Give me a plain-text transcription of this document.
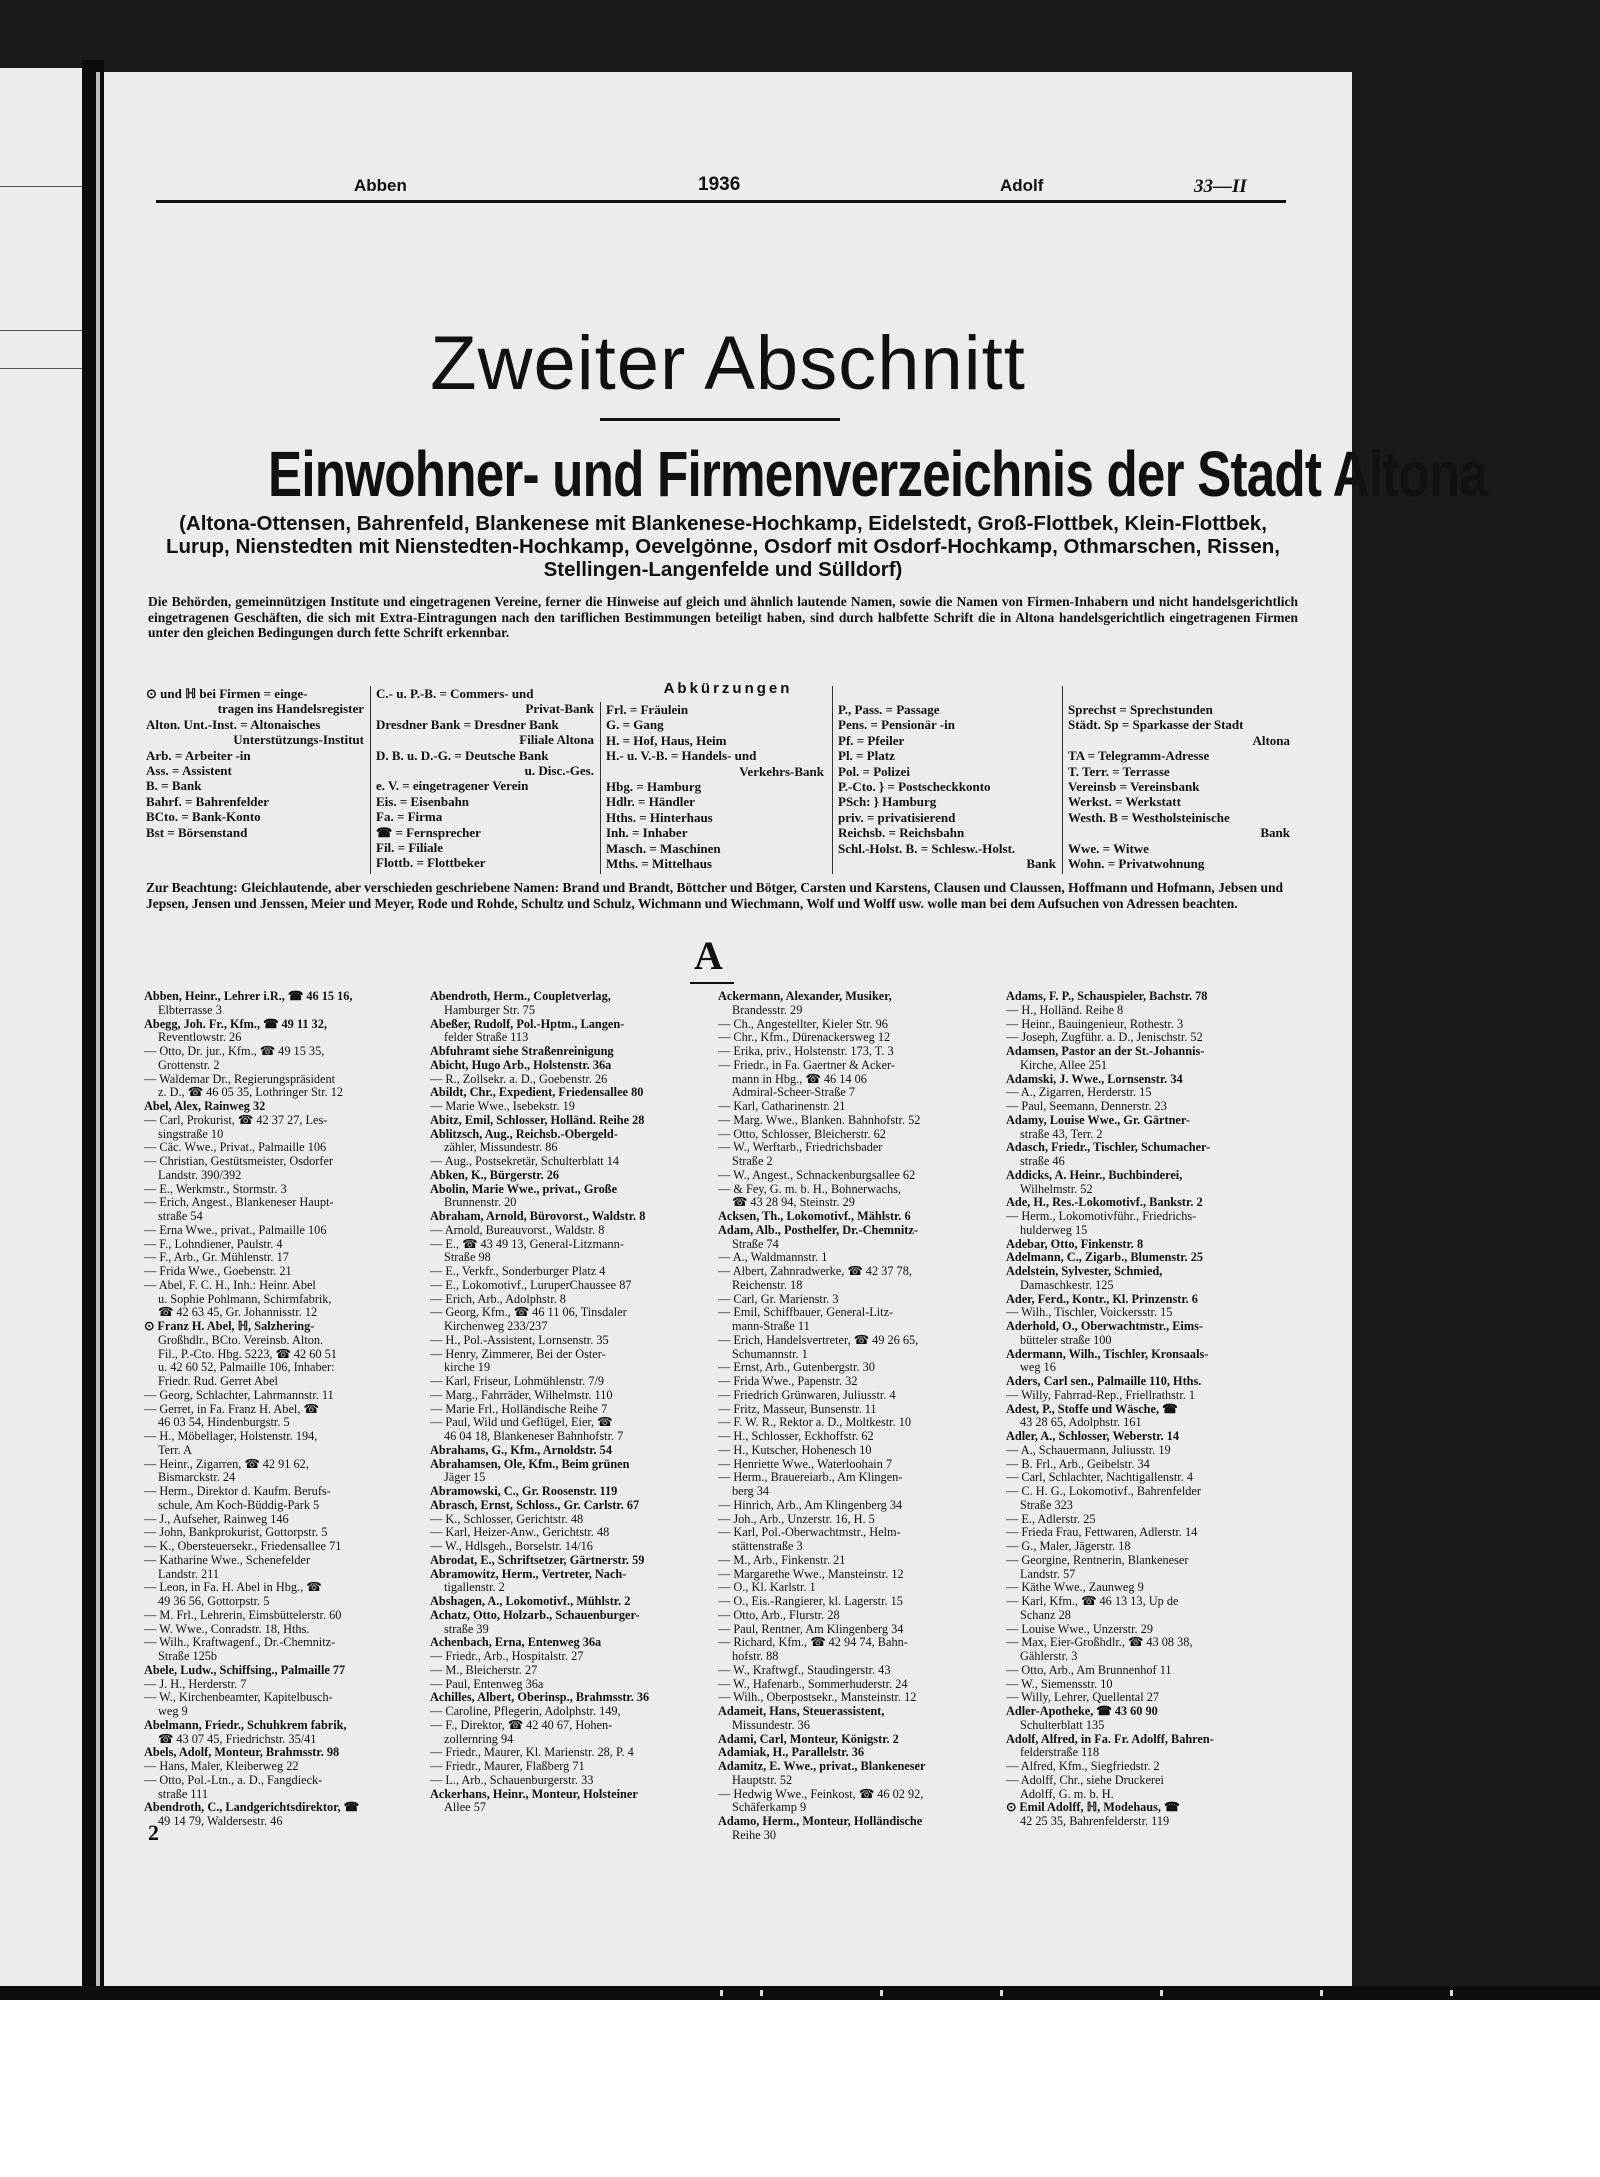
Abben	1936	Adolf	33—II
Zweiter Abschnitt
Einwohner- und Firmenverzeichnis der Stadt Altona
(Altona-Ottensen, Bahrenfeld, Blankenese mit Blankenese-Hochkamp, Eidelstedt, Groß-Flottbek, Klein-Flottbek,
Lurup, Nienstedten mit Nienstedten-Hochkamp, Oevelgönne, Osdorf mit Osdorf-Hochkamp, Othmarschen, Rissen,
Stellingen-Langenfelde und Sülldorf)
Die Behörden, gemeinnützigen Institute und eingetragenen Vereine, ferner die Hinweise auf gleich und ähnlich lautende Namen, sowie die Namen von Firmen-Inhabern und nicht handelsgerichtlich eingetragenen Geschäften, die sich mit Extra-Eintragungen nach den tariflichen Bestimmungen beteiligt haben, sind durch halbfette Schrift die in Altona handelsgerichtlich eingetragenen Firmen unter den gleichen Bedingungen durch fette Schrift erkennbar.
Abkürzungen
⊙ und ℍ bei Firmen = einge-
tragen ins Handelsregister
Alton. Unt.-Inst. = Altonaisches
Unterstützungs-Institut
Arb. = Arbeiter -in
Ass. = Assistent
B. = Bank
Bahrf. = Bahrenfelder
BCto. = Bank-Konto
Bst = Börsenstand
C.- u. P.-B. = Commers- und
Privat-Bank
Dresdner Bank = Dresdner Bank
Filiale Altona
D. B. u. D.-G. = Deutsche Bank
u. Disc.-Ges.
e. V. = eingetragener Verein
Eis. = Eisenbahn
Fa. = Firma
☎ = Fernsprecher
Fil. = Filiale
Flottb. = Flottbeker
Frl. = Fräulein
G. = Gang
H. = Hof, Haus, Heim
H.- u. V.-B. = Handels- und
Verkehrs-Bank
Hbg. = Hamburg
Hdlr. = Händler
Hths. = Hinterhaus
Inh. = Inhaber
Masch. = Maschinen
Mths. = Mittelhaus
P., Pass. = Passage
Pens. = Pensionär -in
Pf. = Pfeiler
Pl. = Platz
Pol. = Polizei
P.-Cto. } = Postscheckkonto
PSch: } Hamburg
priv. = privatisierend
Reichsb. = Reichsbahn
Schl.-Holst. B. = Schlesw.-Holst.
Bank
Sprechst = Sprechstunden
Städt. Sp = Sparkasse der Stadt
Altona
TA = Telegramm-Adresse
T. Terr. = Terrasse
Vereinsb = Vereinsbank
Werkst. = Werkstatt
Westh. B = Westholsteinische
Bank
Wwe. = Witwe
Wohn. = Privatwohnung
Zur Beachtung: Gleichlautende, aber verschieden geschriebene Namen: Brand und Brandt, Böttcher und Bötger, Carsten und Karstens, Clausen und Claussen, Hoffmann und Hofmann, Jebsen und Jepsen, Jensen und Jenssen, Meier und Meyer, Rode und Rohde, Schultz und Schulz, Wichmann und Wiechmann, Wolf und Wolff usw. wolle man bei dem Aufsuchen von Adressen beachten.
A
Abben, Heinr., Lehrer i.R., ☎ 46 15 16,
Elbterrasse 3
Abegg, Joh. Fr., Kfm., ☎ 49 11 32,
Reventlowstr. 26
— Otto, Dr. jur., Kfm., ☎ 49 15 35,
Grottenstr. 2
— Waldemar Dr., Regierungspräsident
z. D., ☎ 46 05 35, Lothringer Str. 12
Abel, Alex, Rainweg 32
— Carl, Prokurist, ☎ 42 37 27, Les-
singstraße 10
— Cäc. Wwe., Privat., Palmaille 106
— Christian, Gestütsmeister, Osdorfer
Landstr. 390/392
— E., Werkmstr., Stormstr. 3
— Erich, Angest., Blankeneser Haupt-
straße 54
— Erna Wwe., privat., Palmaille 106
— F., Lohndiener, Paulstr. 4
— F., Arb., Gr. Mühlenstr. 17
— Frida Wwe., Goebenstr. 21
— Abel, F. C. H., Inh.: Heinr. Abel
u. Sophie Pohlmann, Schirmfabrik,
☎ 42 63 45, Gr. Johannisstr. 12
⊙ Franz H. Abel, ℍ, Salzhering-
Großhdlr., BCto. Vereinsb. Alton.
Fil., P.-Cto. Hbg. 5223, ☎ 42 60 51
u. 42 60 52, Palmaille 106, Inhaber:
Friedr. Rud. Gerret Abel
— Georg, Schlachter, Lahrmannstr. 11
— Gerret, in Fa. Franz H. Abel, ☎
46 03 54, Hindenburgstr. 5
— H., Möbellager, Holstenstr. 194,
Terr. A
— Heinr., Zigarren, ☎ 42 91 62,
Bismarckstr. 24
— Herm., Direktor d. Kaufm. Berufs-
schule, Am Koch-Büddig-Park 5
— J., Aufseher, Rainweg 146
— John, Bankprokurist, Gottorpstr. 5
— K., Obersteuersekr., Friedensallee 71
— Katharine Wwe., Schenefelder
Landstr. 211
— Leon, in Fa. H. Abel in Hbg., ☎
49 36 56, Gottorpstr. 5
— M. Frl., Lehrerin, Eimsbüttelerstr. 60
— W. Wwe., Conradstr. 18, Hths.
— Wilh., Kraftwagenf., Dr.-Chemnitz-
Straße 125b
Abele, Ludw., Schiffsing., Palmaille 77
— J. H., Herderstr. 7
— W., Kirchenbeamter, Kapitelbusch-
weg 9
Abelmann, Friedr., Schuhkrem fabrik,
☎ 43 07 45, Friedrichstr. 35/41
Abels, Adolf, Monteur, Brahmsstr. 98
— Hans, Maler, Kleiberweg 22
— Otto, Pol.-Ltn., a. D., Fangdieck-
straße 111
Abendroth, C., Landgerichtsdirektor, ☎
49 14 79, Waldersestr. 46
Abendroth, Herm., Coupletverlag,
Hamburger Str. 75
Abeßer, Rudolf, Pol.-Hptm., Langen-
felder Straße 113
Abfuhramt siehe Straßenreinigung
Abicht, Hugo Arb., Holstenstr. 36a
— R., Zollsekr. a. D., Goebenstr. 26
Abildt, Chr., Expedient, Friedensallee 80
— Marie Wwe., Isebekstr. 19
Abitz, Emil, Schlosser, Holländ. Reihe 28
Ablitzsch, Aug., Reichsb.-Obergeld-
zähler, Missundestr. 86
— Aug., Postsekretär, Schulterblatt 14
Abken, K., Bürgerstr. 26
Abolin, Marie Wwe., privat., Große
Brunnenstr. 20
Abraham, Arnold, Bürovorst., Waldstr. 8
— Arnold, Bureauvorst., Waldstr. 8
— E., ☎ 43 49 13, General-Litzmann-
Straße 98
— E., Verkfr., Sonderburger Platz 4
— E., Lokomotivf., LuruperChaussee 87
— Erich, Arb., Adolphstr. 8
— Georg, Kfm., ☎ 46 11 06, Tinsdaler
Kirchenweg 233/237
— H., Pol.-Assistent, Lornsenstr. 35
— Henry, Zimmerer, Bei der Oster-
kirche 19
— Karl, Friseur, Lohmühlenstr. 7/9
— Marg., Fahrräder, Wilhelmstr. 110
— Marie Frl., Holländische Reihe 7
— Paul, Wild und Geflügel, Eier, ☎
46 04 18, Blankeneser Bahnhofstr. 7
Abrahams, G., Kfm., Arnoldstr. 54
Abrahamsen, Ole, Kfm., Beim grünen
Jäger 15
Abramowski, C., Gr. Roosenstr. 119
Abrasch, Ernst, Schloss., Gr. Carlstr. 67
— K., Schlosser, Gerichtstr. 48
— Karl, Heizer-Anw., Gerichtstr. 48
— W., Hdlsgeh., Borselstr. 14/16
Abrodat, E., Schriftsetzer, Gärtnerstr. 59
Abramowitz, Herm., Vertreter, Nach-
tigallenstr. 2
Abshagen, A., Lokomotivf., Mühlstr. 2
Achatz, Otto, Holzarb., Schauenburger-
straße 39
Achenbach, Erna, Entenweg 36a
— Friedr., Arb., Hospitalstr. 27
— M., Bleicherstr. 27
— Paul, Entenweg 36a
Achilles, Albert, Oberinsp., Brahmsstr. 36
— Caroline, Pflegerin, Adolphstr. 149,
— F., Direktor, ☎ 42 40 67, Hohen-
zollernring 94
— Friedr., Maurer, Kl. Marienstr. 28, P. 4
— Friedr., Maurer, Flaßberg 71
— L., Arb., Schauenburgerstr. 33
Ackerhans, Heinr., Monteur, Holsteiner
Allee 57
Ackermann, Alexander, Musiker,
Brandesstr. 29
— Ch., Angestellter, Kieler Str. 96
— Chr., Kfm., Dürenackersweg 12
— Erika, priv., Holstenstr. 173, T. 3
— Friedr., in Fa. Gaertner & Acker-
mann in Hbg., ☎ 46 14 06
Admiral-Scheer-Straße 7
— Karl, Catharinenstr. 21
— Marg. Wwe., Blanken. Bahnhofstr. 52
— Otto, Schlosser, Bleicherstr. 62
— W., Werftarb., Friedrichsbader
Straße 2
— W., Angest., Schnackenburgsallee 62
— & Fey, G. m. b. H., Bohnerwachs,
☎ 43 28 94, Steinstr. 29
Acksen, Th., Lokomotivf., Mählstr. 6
Adam, Alb., Posthelfer, Dr.-Chemnitz-
Straße 74
— A., Waldmannstr. 1
— Albert, Zahnradwerke, ☎ 42 37 78,
Reichenstr. 18
— Carl, Gr. Marienstr. 3
— Emil, Schiffbauer, General-Litz-
mann-Straße 11
— Erich, Handelsvertreter, ☎ 49 26 65,
Schumannstr. 1
— Ernst, Arb., Gutenbergstr. 30
— Frida Wwe., Papenstr. 32
— Friedrich Grünwaren, Juliusstr. 4
— Fritz, Masseur, Bunsenstr. 11
— F. W. R., Rektor a. D., Moltkestr. 10
— H., Schlosser, Eckhoffstr. 62
— H., Kutscher, Hohenesch 10
— Henriette Wwe., Waterloohain 7
— Herm., Brauereiarb., Am Klingen-
berg 34
— Hinrich, Arb., Am Klingenberg 34
— Joh., Arb., Unzerstr. 16, H. 5
— Karl, Pol.-Oberwachtmstr., Helm-
stättenstraße 3
— M., Arb., Finkenstr. 21
— Margarethe Wwe., Mansteinstr. 12
— O., Kl. Karlstr. 1
— O., Eis.-Rangierer, kl. Lagerstr. 15
— Otto, Arb., Flurstr. 28
— Paul, Rentner, Am Klingenberg 34
— Richard, Kfm., ☎ 42 94 74, Bahn-
hofstr. 88
— W., Kraftwgf., Staudingerstr. 43
— W., Hafenarb., Sommerhuderstr. 24
— Wilh., Oberpostsekr., Mansteinstr. 12
Adameit, Hans, Steuerassistent,
Missundestr. 36
Adami, Carl, Monteur, Königstr. 2
Adamiak, H., Parallelstr. 36
Adamitz, E. Wwe., privat., Blankeneser
Hauptstr. 52
— Hedwig Wwe., Feinkost, ☎ 46 02 92,
Schäferkamp 9
Adamo, Herm., Monteur, Holländische
Reihe 30
Adams, F. P., Schauspieler, Bachstr. 78
— H., Holländ. Reihe 8
— Heinr., Bauingenieur, Rothestr. 3
— Joseph, Zugführ. a. D., Jenischstr. 52
Adamsen, Pastor an der St.-Johannis-
Kirche, Allee 251
Adamski, J. Wwe., Lornsenstr. 34
— A., Zigarren, Herderstr. 15
— Paul, Seemann, Dennerstr. 23
Adamy, Louise Wwe., Gr. Gärtner-
straße 43, Terr. 2
Adasch, Friedr., Tischler, Schumacher-
straße 46
Addicks, A. Heinr., Buchbinderei,
Wilhelmstr. 52
Ade, H., Res.-Lokomotivf., Bankstr. 2
— Herm., Lokomotivführ., Friedrichs-
hulderweg 15
Adebar, Otto, Finkenstr. 8
Adelmann, C., Zigarb., Blumenstr. 25
Adelstein, Sylvester, Schmied,
Damaschkestr. 125
Ader, Ferd., Kontr., Kl. Prinzenstr. 6
— Wilh., Tischler, Voickersstr. 15
Aderhold, O., Oberwachtmstr., Eims-
bütteler straße 100
Adermann, Wilh., Tischler, Kronsaals-
weg 16
Aders, Carl sen., Palmaille 110, Hths.
— Willy, Fahrrad-Rep., Friellrathstr. 1
Adest, P., Stoffe und Wäsche, ☎
43 28 65, Adolphstr. 161
Adler, A., Schlosser, Weberstr. 14
— A., Schauermann, Juliusstr. 19
— B. Frl., Arb., Geibelstr. 34
— Carl, Schlachter, Nachtigallenstr. 4
— C. H. G., Lokomotivf., Bahrenfelder
Straße 323
— E., Adlerstr. 25
— Frieda Frau, Fettwaren, Adlerstr. 14
— G., Maler, Jägerstr. 18
— Georgine, Rentnerin, Blankeneser
Landstr. 57
— Käthe Wwe., Zaunweg 9
— Karl, Kfm., ☎ 46 13 13, Up de
Schanz 28
— Louise Wwe., Unzerstr. 29
— Max, Eier-Großhdlr., ☎ 43 08 38,
Gählerstr. 3
— Otto, Arb., Am Brunnenhof 11
— W., Siemensstr. 10
— Willy, Lehrer, Quellental 27
Adler-Apotheke, ☎ 43 60 90
Schulterblatt 135
Adolf, Alfred, in Fa. Fr. Adolff, Bahren-
felderstraße 118
— Alfred, Kfm., Siegfriedstr. 2
— Adolff, Chr., siehe Druckerei
Adolff, G. m. b. H.
⊙ Emil Adolff, ℍ, Modehaus, ☎
42 25 35, Bahrenfelderstr. 119
2
